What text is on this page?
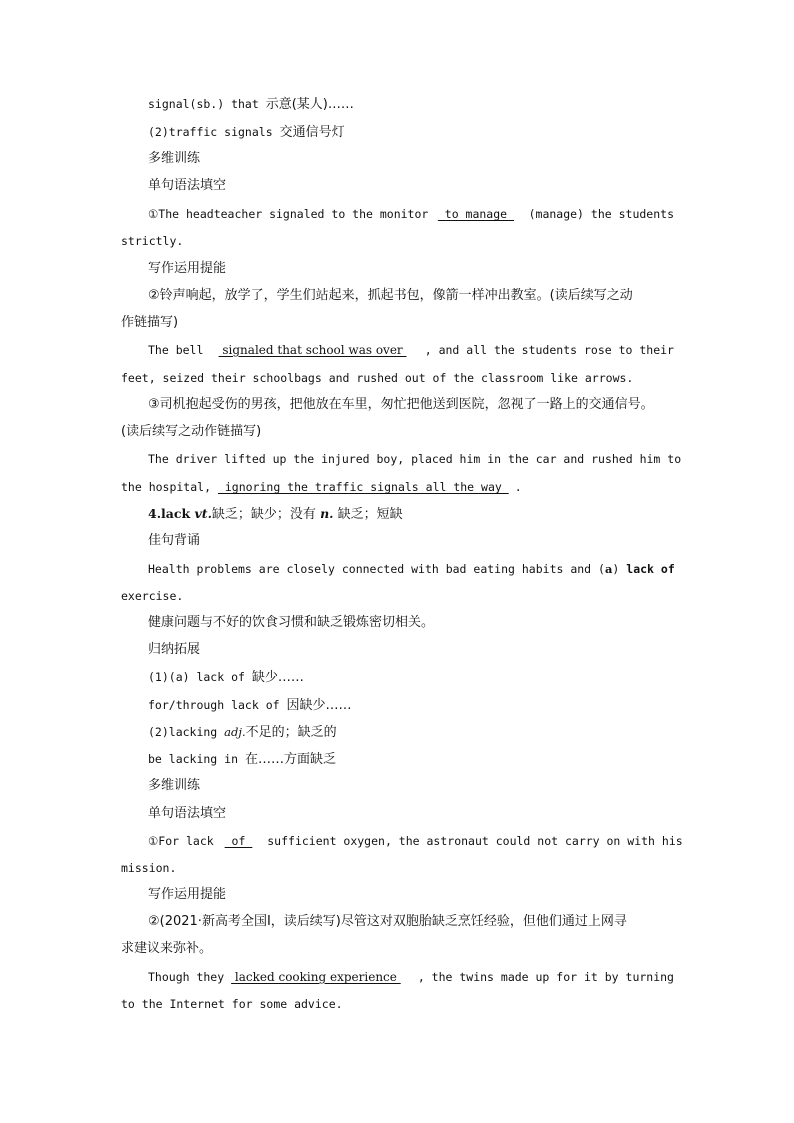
signal(sb.) that 示意(某人)……
(2)traffic signals 交通信号灯
多维训练
单句语法填空
①The headteacher signaled to the monitor to manage	(manage) the students
strictly.
写作运用提能
②铃声响起，放学了，学生们站起来，抓起书包，像箭一样冲出教室。(读后续写之动
作链描写)
The bell signaled that school was over	, and all the students rose to their
feet, seized their schoolbags and rushed out of the classroom like arrows.
③司机抱起受伤的男孩，把他放在车里，匆忙把他送到医院，忽视了一路上的交通信号。
(读后续写之动作链描写)
The driver lifted up the injured boy, placed him in the car and rushed him to
the hospital,  ignoring the traffic signals all the way .
4.lack vt.缺乏；缺少；没有 n. 缺乏；短缺
佳句背诵
Health problems are closely connected with bad eating habits and (a) lack of
exercise.
健康问题与不好的饮食习惯和缺乏锻炼密切相关。
归纳拓展
(1)(a) lack of 缺少……
for/through lack of 因缺少……
(2)lacking adj.不足的；缺乏的
be lacking in 在……方面缺乏
多维训练
单句语法填空
①For lack  of sufficient oxygen, the astronaut could not carry on with his
mission.
写作运用提能
②(2021·新高考全国Ⅰ，读后续写)尽管这对双胞胎缺乏烹饪经验，但他们通过上网寻
求建议来弥补。
Though they  lacked cooking experience	, the twins made up for it by turning
to the Internet for some advice.
